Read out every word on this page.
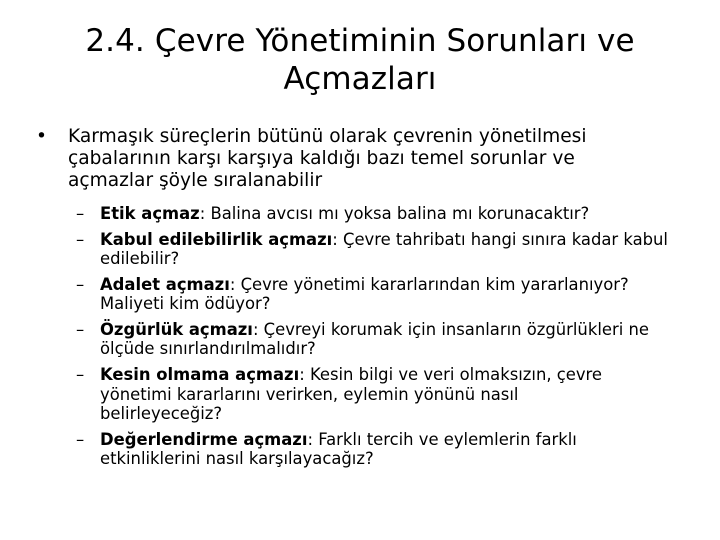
2.4. Çevre Yönetiminin Sorunları ve
Açmazları
• Karmaşık süreçlerin bütünü olarak çevrenin yönetilmesi
çabalarının karşı karşıya kaldığı bazı temel sorunlar ve
açmazlar şöyle sıralanabilir
– Etik açmaz: Balina avcısı mı yoksa balina mı korunacaktır?
– Kabul edilebilirlik açmazı: Çevre tahribatı hangi sınıra kadar kabul
edilebilir?
– Adalet açmazı: Çevre yönetimi kararlarından kim yararlanıyor?
Maliyeti kim ödüyor?
– Özgürlük açmazı: Çevreyi korumak için insanların özgürlükleri ne
ölçüde sınırlandırılmalıdır?
– Kesin olmama açmazı: Kesin bilgi ve veri olmaksızın, çevre
yönetimi kararlarını verirken, eylemin yönünü nasıl
belirleyeceğiz?
– Değerlendirme açmazı: Farklı tercih ve eylemlerin farklı
etkinliklerini nasıl karşılayacağız?
